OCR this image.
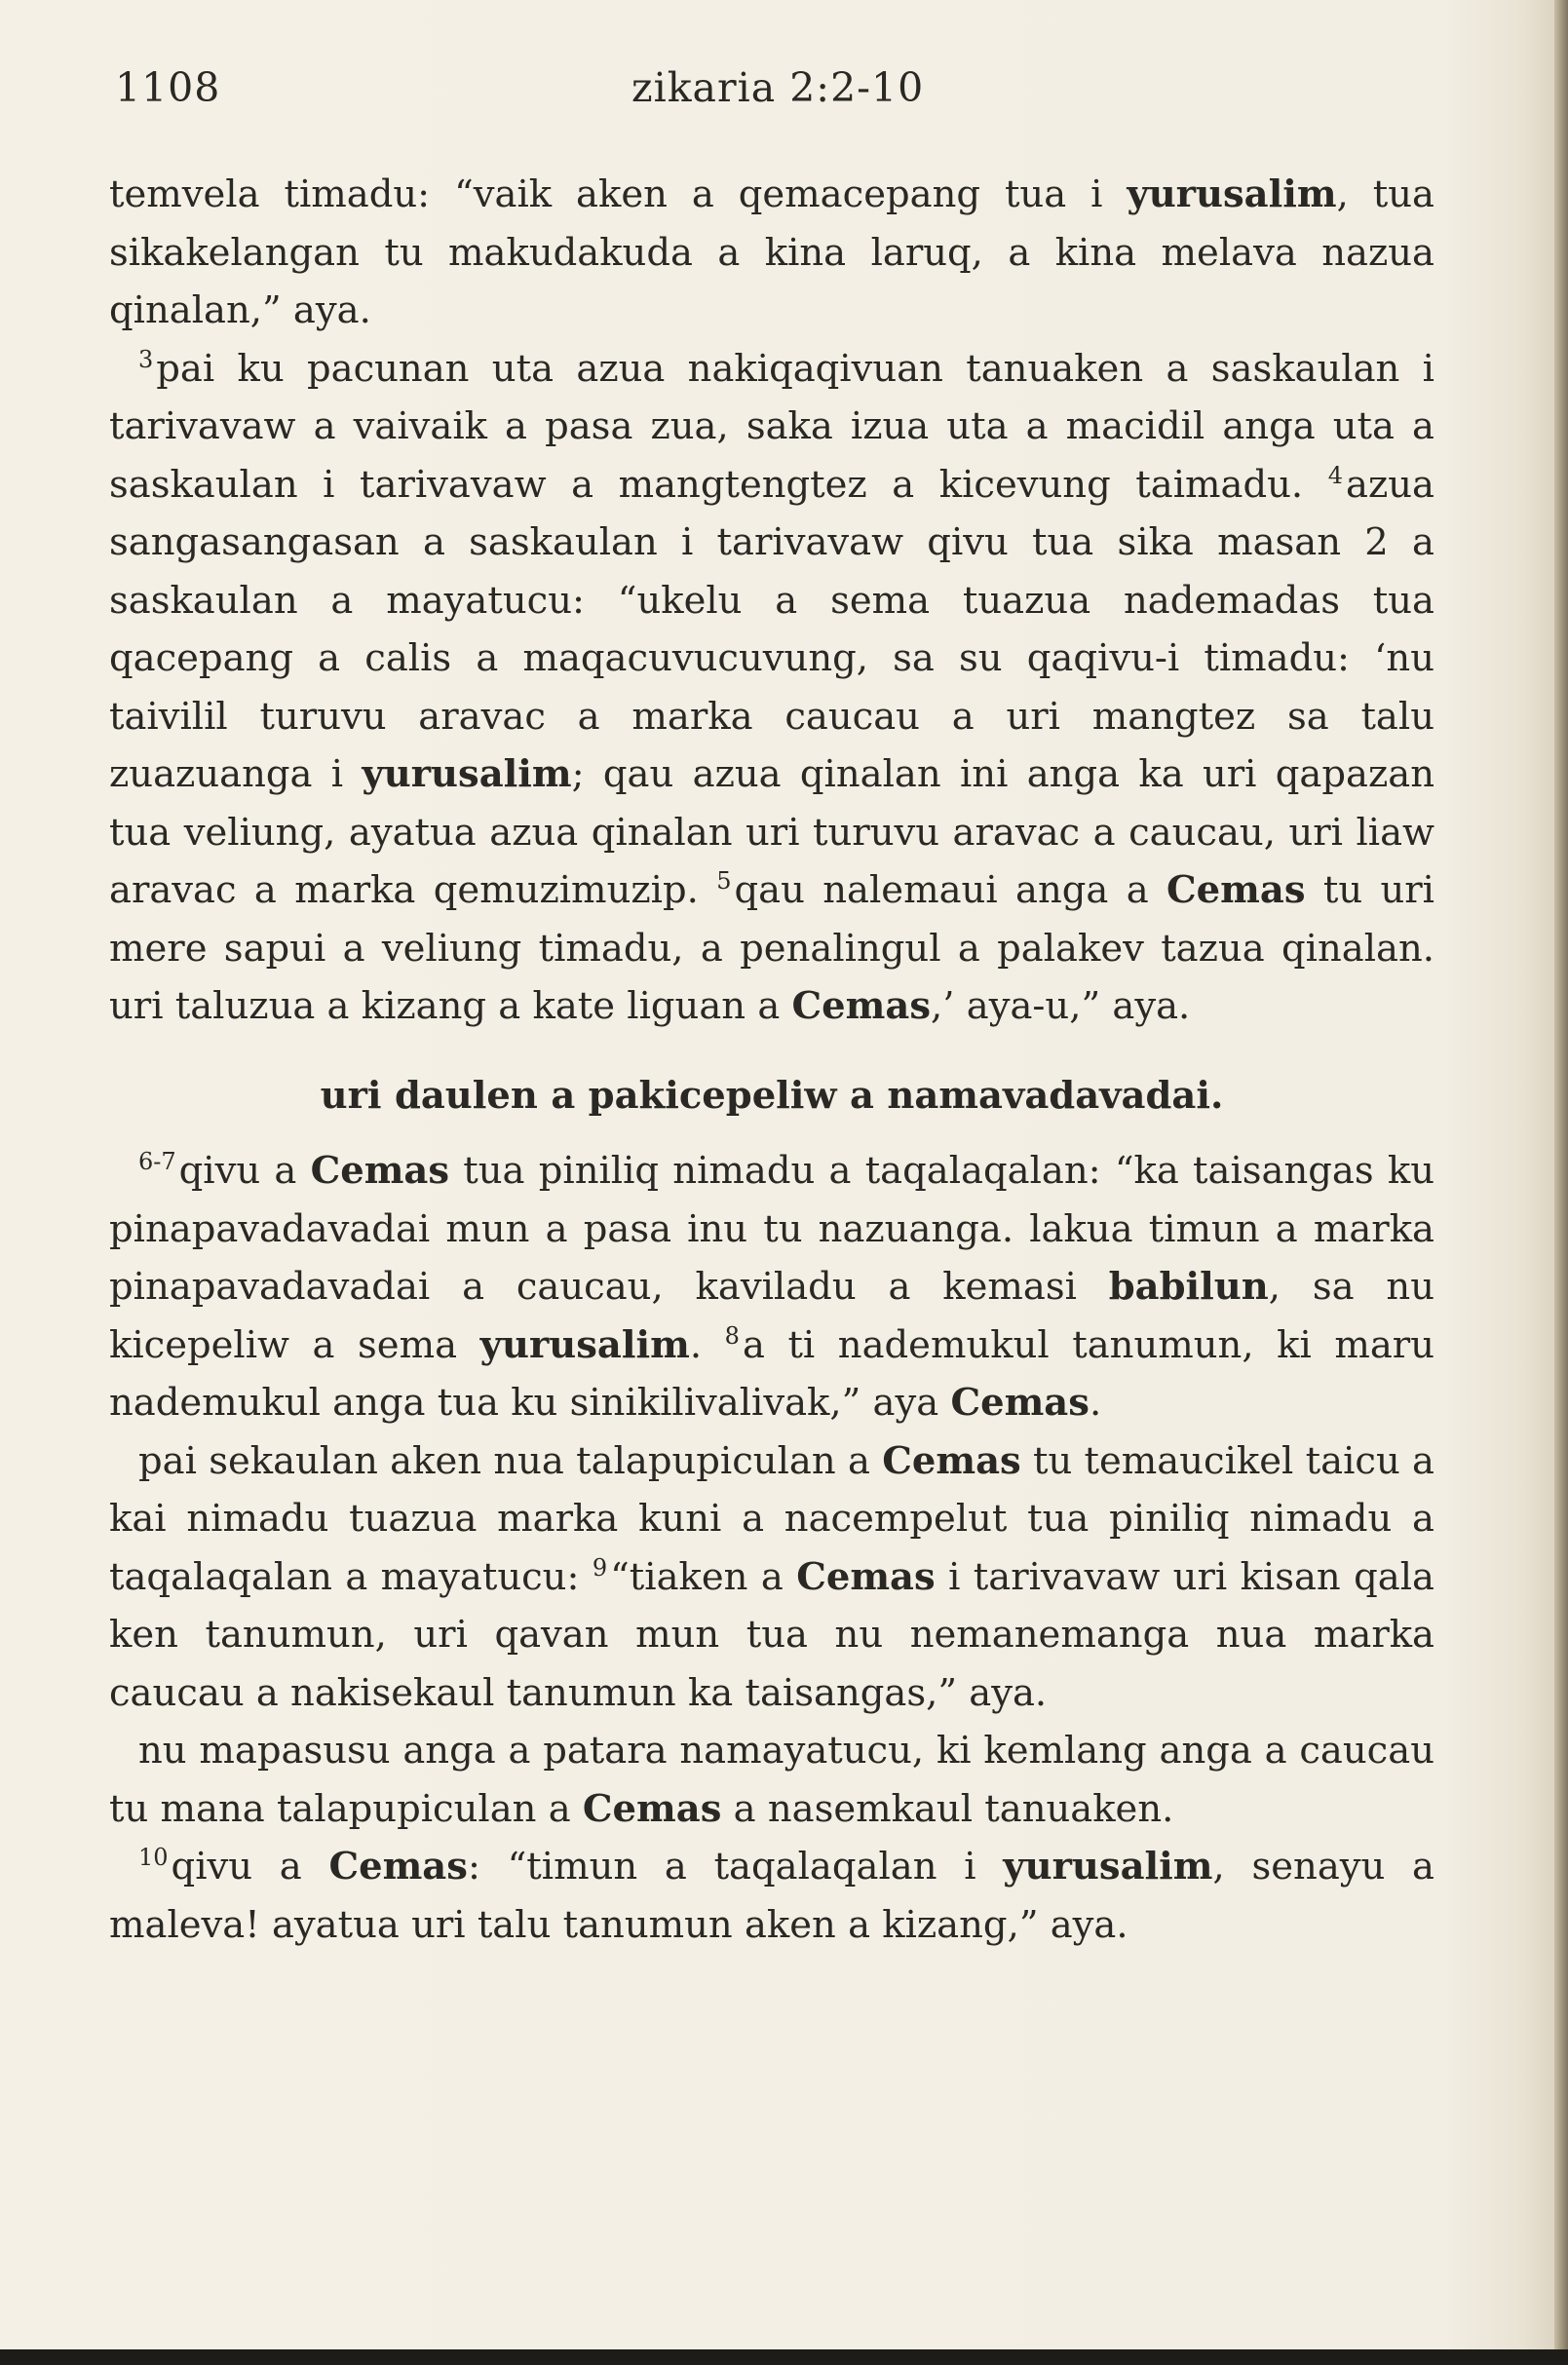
1108	zikaria 2:2-10

temvela timadu: “vaik aken a qemacepang tua i yurusalim, tua sikakelangan tu makudakuda a kina laruq, a kina melava nazua qinalan,” aya.

$^3$pai ku pacunan uta azua nakiqaqivuan tanuaken a saskaulan i tarivavaw a vaivaik a pasa zua, saka izua uta a macidil anga uta a saskaulan i tarivavaw a mangtengtez a kicevung taimadu. $^4$azua sangasangasan a saskaulan i tarivavaw qivu tua sika masan 2 a saskaulan a mayatucu: “ukelu a sema tuazua nademadas tua qacepang a calis a maqacuvucuvung, sa su qaqivu-i timadu: ‘nu taivilil turuvu aravac a marka caucau a uri mangtez sa talu zuazuanga i yurusalim; qau azua qinalan ini anga ka uri qapazan tua veliung, ayatua azua qinalan uri turuvu aravac a caucau, uri liaw aravac a marka qemuzimuzip. $^5$qau nalemaui anga a Cemas tu uri mere sapui a veliung timadu, a penalingul a palakev tazua qinalan. uri taluzua a kizang a kate liguan a Cemas,’ aya-u,” aya.

uri daulen a pakicepeliw a namavadavadai.

$^{6-7}$qivu a Cemas tua piniliq nimadu a taqalaqalan: “ka taisangas ku pinapavadavadai mun a pasa inu tu nazuanga. lakua timun a marka pinapavadavadai a caucau, kaviladu a kemasi babilun, sa nu kicepeliw a sema yurusalim. $^8$a ti nademukul tanumun, ki maru nademukul anga tua ku sinikilivalivak,” aya Cemas.

pai sekaulan aken nua talapupiculan a Cemas tu temaucikel taicu a kai nimadu tuazua marka kuni a nacempelut tua piniliq nimadu a taqalaqalan a mayatucu: $^9$“tiaken a Cemas i tarivavaw uri kisan qala ken tanumun, uri qavan mun tua nu nemanemanga nua marka caucau a nakisekaul tanumun ka taisangas,” aya.

nu mapasusu anga a patara namayatucu, ki kemlang anga a caucau tu mana talapupiculan a Cemas a nasemkaul tanuaken.

$^{10}$qivu a Cemas: “timun a taqalaqalan i yurusalim, senayu a maleva! ayatua uri talu tanumun aken a kizang,” aya.
